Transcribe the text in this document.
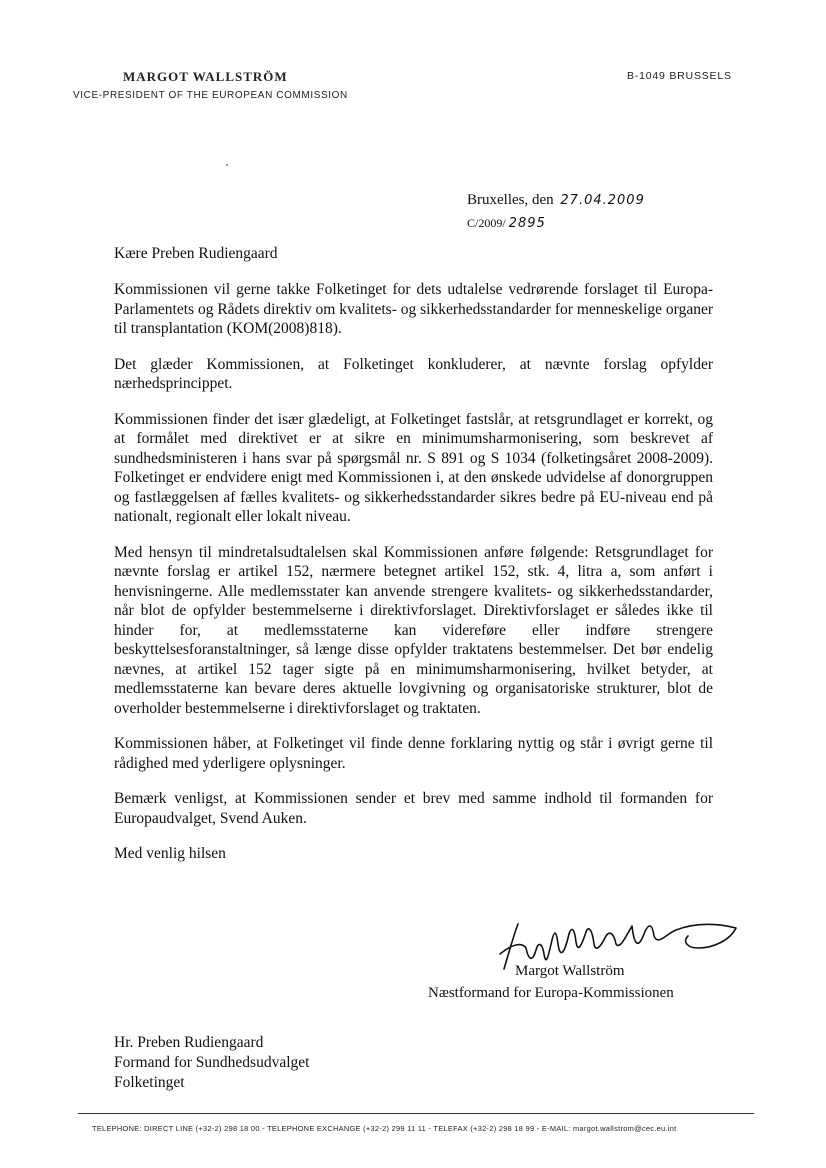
MARGOT WALLSTRÖM
VICE-PRESIDENT OF THE EUROPEAN COMMISSION
B-1049 BRUSSELS
Bruxelles, den 27.04.2009
C/2009/ 2895
Kære Preben Rudiengaard

Kommissionen vil gerne takke Folketinget for dets udtalelse vedrørende forslaget til Europa-Parlamentets og Rådets direktiv om kvalitets- og sikkerhedsstandarder for menneskelige organer til transplantation (KOM(2008)818).

Det glæder Kommissionen, at Folketinget konkluderer, at nævnte forslag opfylder nærhedsprincippet.

Kommissionen finder det især glædeligt, at Folketinget fastslår, at retsgrundlaget er korrekt, og at formålet med direktivet er at sikre en minimumsharmonisering, som beskrevet af sundhedsministeren i hans svar på spørgsmål nr. S 891 og S 1034 (folketingsåret 2008-2009). Folketinget er endvidere enigt med Kommissionen i, at den ønskede udvidelse af donorgruppen og fastlæggelsen af fælles kvalitets- og sikkerhedsstandarder sikres bedre på EU-niveau end på nationalt, regionalt eller lokalt niveau.

Med hensyn til mindretalsudtalelsen skal Kommissionen anføre følgende: Retsgrundlaget for nævnte forslag er artikel 152, nærmere betegnet artikel 152, stk. 4, litra a, som anført i henvisningerne. Alle medlemsstater kan anvende strengere kvalitets- og sikkerhedsstandarder, når blot de opfylder bestemmelserne i direktivforslaget. Direktivforslaget er således ikke til hinder for, at medlemsstaterne kan videreføre eller indføre strengere beskyttelsesforanstaltninger, så længe disse opfylder traktatens bestemmelser. Det bør endelig nævnes, at artikel 152 tager sigte på en minimumsharmonisering, hvilket betyder, at medlemsstaterne kan bevare deres aktuelle lovgivning og organisatoriske strukturer, blot de overholder bestemmelserne i direktivforslaget og traktaten.

Kommissionen håber, at Folketinget vil finde denne forklaring nyttig og står i øvrigt gerne til rådighed med yderligere oplysninger.

Bemærk venligst, at Kommissionen sender et brev med samme indhold til formanden for Europaudvalget, Svend Auken.

Med venlig hilsen

Margot Wallström
Næstformand for Europa-Kommissionen
Hr. Preben Rudiengaard
Formand for Sundhedsudvalget
Folketinget
TELEPHONE: DIRECT LINE (+32-2) 298 18 00 - TELEPHONE EXCHANGE (+32-2) 299 11 11 - TELEFAX (+32-2) 298 18 99 - E-MAIL: margot.wallstrom@cec.eu.int
